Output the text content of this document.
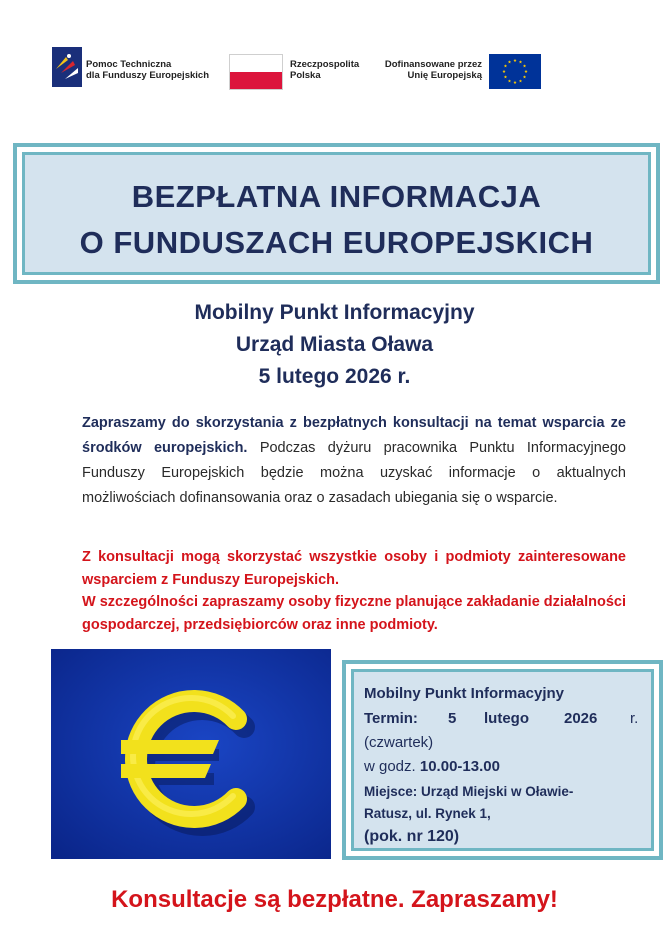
Pomoc Techniczna
dla Funduszy Europejskich
Rzeczpospolita
Polska
Dofinansowane przez
Unię Europejską
BEZPŁATNA INFORMACJA
O FUNDUSZACH EUROPEJSKICH
Mobilny Punkt Informacyjny
Urząd Miasta Oława
5 lutego 2026 r.
Zapraszamy do skorzystania z bezpłatnych konsultacji na temat wsparcia ze środków europejskich. Podczas dyżuru pracownika Punktu Informacyjnego Funduszy Europejskich będzie można uzyskać informacje o aktualnych możliwościach dofinansowania oraz o zasadach ubiegania się o wsparcie.
Z konsultacji mogą skorzystać wszystkie osoby i podmioty zainteresowane wsparciem z Funduszy Europejskich.
W szczególności zapraszamy osoby fizyczne planujące zakładanie działalności gospodarczej, przedsiębiorców oraz inne podmioty.
Mobilny Punkt Informacyjny
Termin: 5 lutego 2026 r.
(czwartek)
w godz. 10.00-13.00
Miejsce: Urząd Miejski w Oławie-
Ratusz, ul. Rynek 1,
(pok. nr 120)
Konsultacje są bezpłatne. Zapraszamy!
